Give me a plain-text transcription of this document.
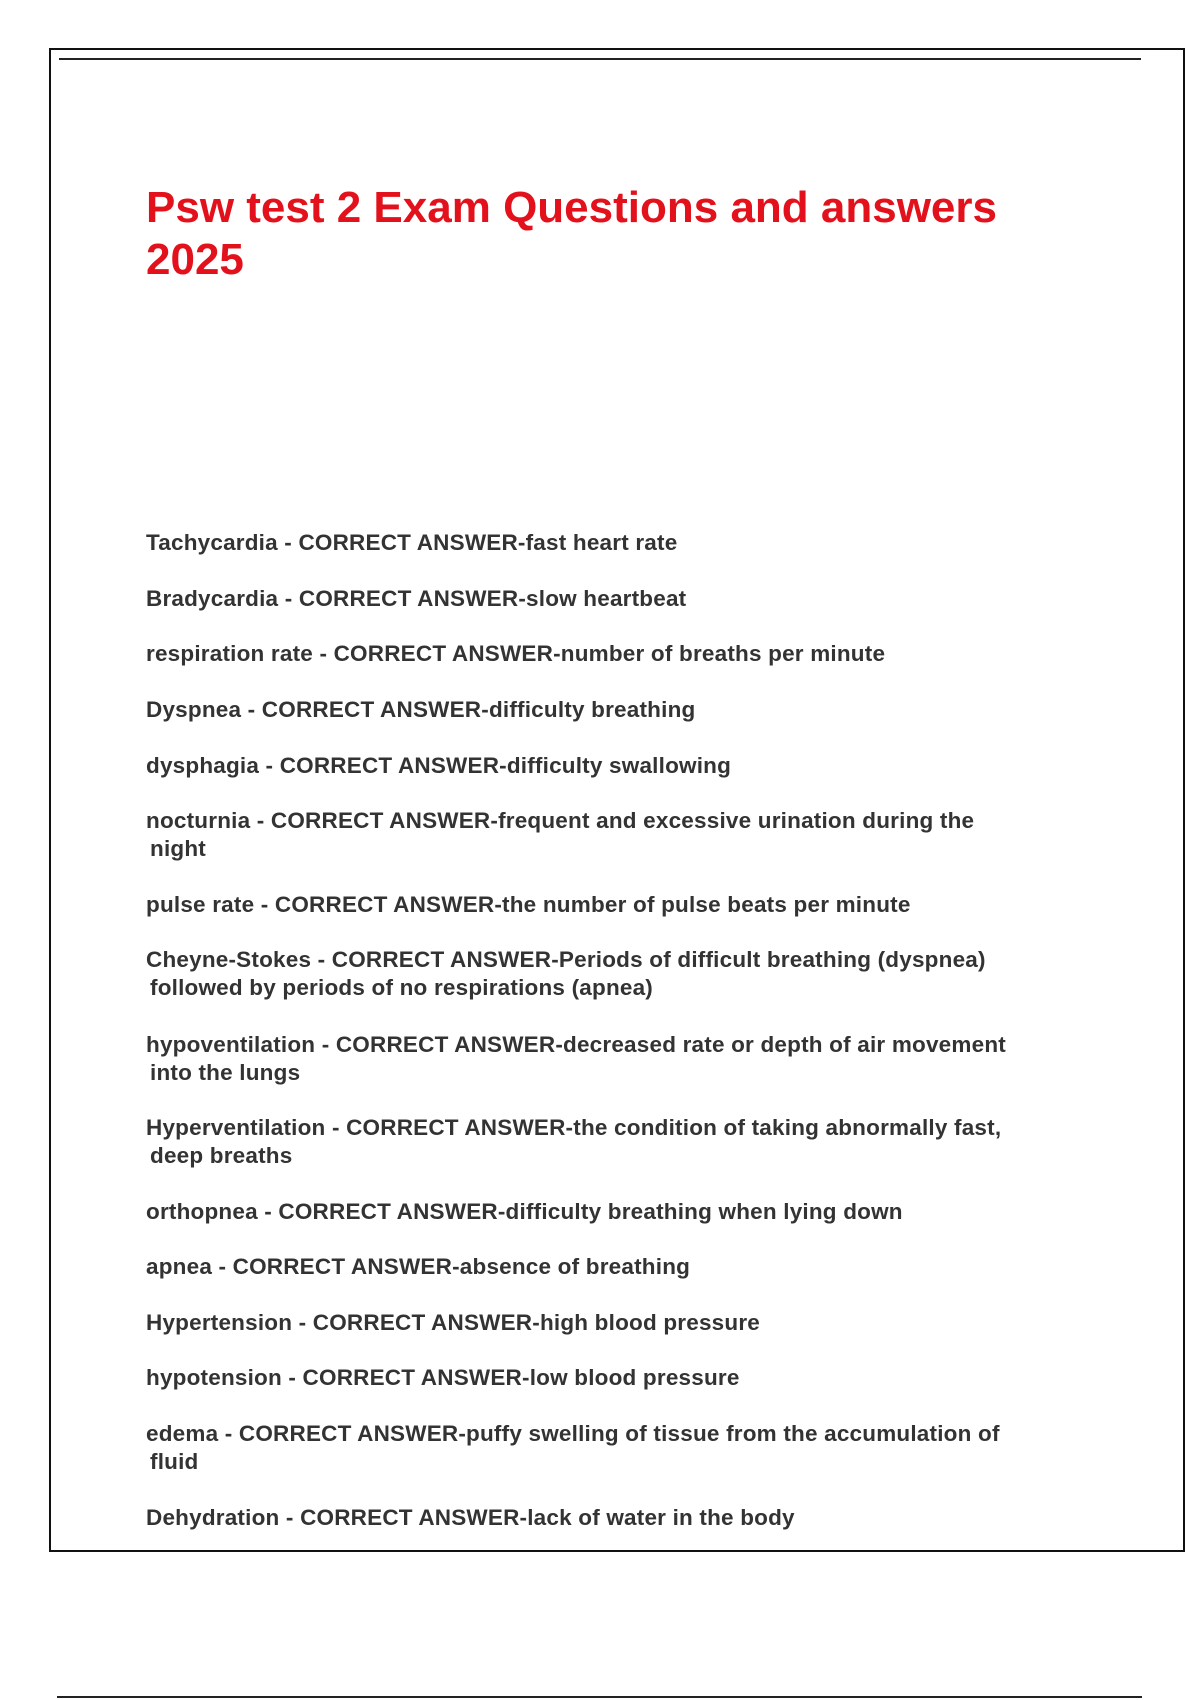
Psw test 2 Exam Questions and answers 2025
Tachycardia - CORRECT ANSWER-fast heart rate
Bradycardia - CORRECT ANSWER-slow heartbeat
respiration rate - CORRECT ANSWER-number of breaths per minute
Dyspnea - CORRECT ANSWER-difficulty breathing
dysphagia - CORRECT ANSWER-difficulty swallowing
nocturnia - CORRECT ANSWER-frequent and excessive urination during the
night
pulse rate - CORRECT ANSWER-the number of pulse beats per minute
Cheyne-Stokes - CORRECT ANSWER-Periods of difficult breathing (dyspnea)
followed by periods of no respirations (apnea)
hypoventilation - CORRECT ANSWER-decreased rate or depth of air movement
into the lungs
Hyperventilation - CORRECT ANSWER-the condition of taking abnormally fast,
deep breaths
orthopnea - CORRECT ANSWER-difficulty breathing when lying down
apnea - CORRECT ANSWER-absence of breathing
Hypertension - CORRECT ANSWER-high blood pressure
hypotension - CORRECT ANSWER-low blood pressure
edema - CORRECT ANSWER-puffy swelling of tissue from the accumulation of
fluid
Dehydration - CORRECT ANSWER-lack of water in the body
